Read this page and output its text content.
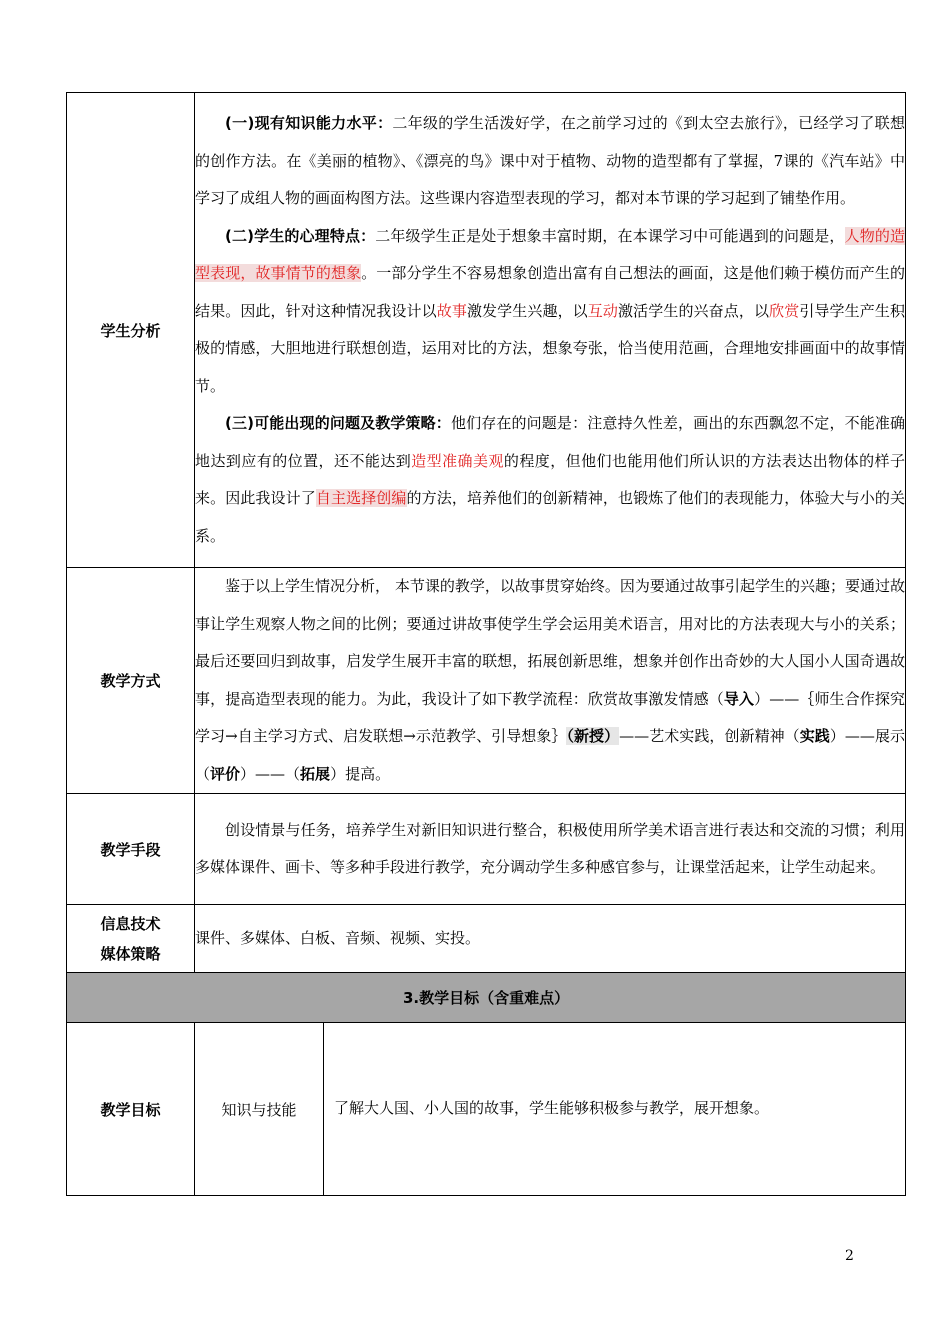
学生分析	(一)现有知识能力水平：二年级的学生活泼好学，在之前学习过的《到太空去旅行》，已经学习了联想的创作方法。在《美丽的植物》、《漂亮的鸟》课中对于植物、动物的造型都有了掌握，7课的《汽车站》中学习了成组人物的画面构图方法。这些课内容造型表现的学习，都对本节课的学习起到了铺垫作用。

(二)学生的心理特点：二年级学生正是处于想象丰富时期，在本课学习中可能遇到的问题是，人物的造型表现，故事情节的想象。一部分学生不容易想象创造出富有自己想法的画面，这是他们赖于模仿而产生的结果。因此，针对这种情况我设计以故事激发学生兴趣，以互动激活学生的兴奋点，以欣赏引导学生产生积极的情感，大胆地进行联想创造，运用对比的方法，想象夸张，恰当使用范画，合理地安排画面中的故事情节。

(三)可能出现的问题及教学策略：他们存在的问题是：注意持久性差，画出的东西飘忽不定，不能准确地达到应有的位置，还不能达到造型准确美观的程度，但他们也能用他们所认识的方法表达出物体的样子来。因此我设计了自主选择创编的方法，培养他们的创新精神，也锻炼了他们的表现能力，体验大与小的关系。	

教学方式	鉴于以上学生情况分析， 本节课的教学，以故事贯穿始终。因为要通过故事引起学生的兴趣；要通过故事让学生观察人物之间的比例；要通过讲故事使学生学会运用美术语言，用对比的方法表现大与小的关系；最后还要回归到故事，启发学生展开丰富的联想，拓展创新思维，想象并创作出奇妙的大人国小人国奇遇故事，提高造型表现的能力。为此，我设计了如下教学流程：欣赏故事激发情感（导入）——｛师生合作探究学习→自主学习方式、启发联想→示范教学、引导想象｝（新授）——艺术实践，创新精神（实践）——展示（评价）——（拓展）提高。	

教学手段	创设情景与任务，培养学生对新旧知识进行整合，积极使用所学美术语言进行表达和交流的习惯；利用多媒体课件、画卡、等多种手段进行教学，充分调动学生多种感官参与，让课堂活起来，让学生动起来。	

信息技术
媒体策略	课件、多媒体、白板、音频、视频、实投。	
3.教学目标（含重难点）		
教学目标	知识与技能	了解大人国、小人国的故事，学生能够积极参与教学，展开想象。
2
